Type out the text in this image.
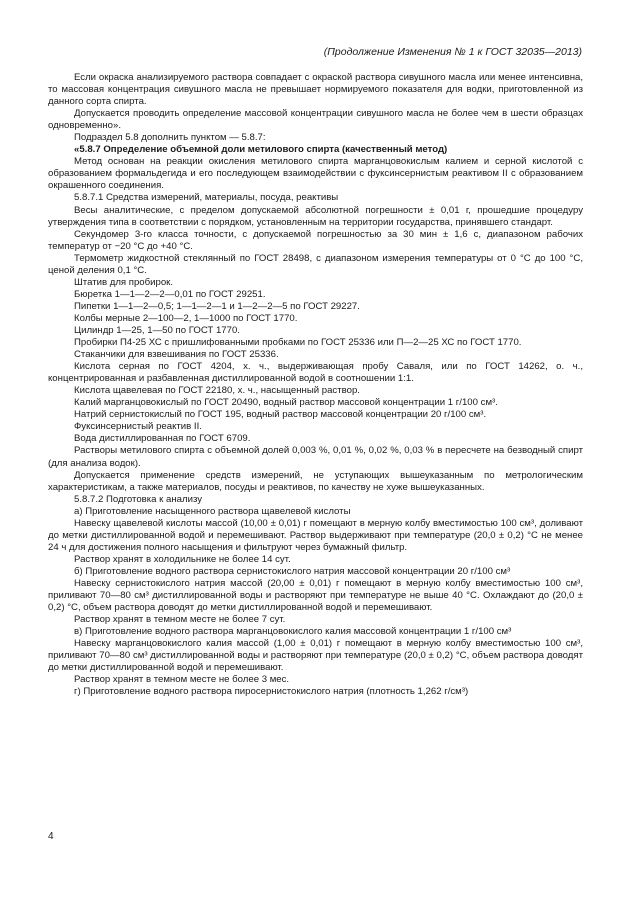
(Продолжение Изменения № 1 к ГОСТ 32035—2013)

Если окраска анализируемого раствора совпадает с окраской раствора сивушного масла или менее интенсивна, то массовая концентрация сивушного масла не превышает нормируемого показателя для водки, приготовленной из данного сорта спирта.

Допускается проводить определение массовой концентрации сивушного масла не более чем в шести образцах одновременно».

Подраздел 5.8 дополнить пунктом — 5.8.7:

«5.8.7 Определение объемной доли метилового спирта (качественный метод)

Метод основан на реакции окисления метилового спирта марганцовокислым калием и серной кислотой с образованием формальдегида и его последующем взаимодействии с фуксинсернистым реактивом II с образованием окрашенного соединения.

5.8.7.1 Средства измерений, материалы, посуда, реактивы

Весы аналитические, с пределом допускаемой абсолютной погрешности ± 0,01 г, прошедшие процедуру утверждения типа в соответствии с порядком, установленным на территории государства, принявшего стандарт.

Секундомер 3-го класса точности, с допускаемой погрешностью за 30 мин ± 1,6 с, диапазоном рабочих температур от −20 °С до +40 °С.

Термометр жидкостной стеклянный по ГОСТ 28498, с диапазоном измерения температуры от 0 °С до 100 °С, ценой деления 0,1 °С.

Штатив для пробирок.

Бюретка 1—1—2—2—0,01 по ГОСТ 29251.

Пипетки 1—1—2—0,5; 1—1—2—1 и 1—2—2—5 по ГОСТ 29227.

Колбы мерные 2—100—2, 1—1000 по ГОСТ 1770.

Цилиндр 1—25, 1—50 по ГОСТ 1770.

Пробирки П4-25 ХС с пришлифованными пробками по ГОСТ 25336 или П—2—25 ХС по ГОСТ 1770.

Стаканчики для взвешивания по ГОСТ 25336.

Кислота серная по ГОСТ 4204, х. ч., выдерживающая пробу Саваля, или по ГОСТ 14262, о. ч., концентрированная и разбавленная дистиллированной водой в соотношении 1:1.

Кислота щавелевая по ГОСТ 22180, х. ч., насыщенный раствор.

Калий марганцовокислый по ГОСТ 20490, водный раствор массовой концентрации 1 г/100 см³.

Натрий сернистокислый по ГОСТ 195, водный раствор массовой концентрации 20 г/100 см³.

Фуксинсернистый реактив II.

Вода дистиллированная по ГОСТ 6709.

Растворы метилового спирта с объемной долей 0,003 %, 0,01 %, 0,02 %, 0,03 % в пересчете на безводный спирт (для анализа водок).

Допускается применение средств измерений, не уступающих вышеуказанным по метрологическим характеристикам, а также материалов, посуды и реактивов, по качеству не хуже вышеуказанных.

5.8.7.2 Подготовка к анализу

а) Приготовление насыщенного раствора щавелевой кислоты

Навеску щавелевой кислоты массой (10,00 ± 0,01) г помещают в мерную колбу вместимостью 100 см³, доливают до метки дистиллированной водой и перемешивают. Раствор выдерживают при температуре (20,0 ± 0,2) °С не менее 24 ч для достижения полного насыщения и фильтруют через бумажный фильтр.

Раствор хранят в холодильнике не более 14 сут.

б) Приготовление водного раствора сернистокислого натрия массовой концентрации 20 г/100 см³

Навеску сернистокислого натрия массой (20,00 ± 0,01) г помещают в мерную колбу вместимостью 100 см³, приливают 70—80 см³ дистиллированной воды и растворяют при температуре не выше 40 °С. Охлаждают до (20,0 ± 0,2) °С, объем раствора доводят до метки дистиллированной водой и перемешивают.

Раствор хранят в темном месте не более 7 сут.

в) Приготовление водного раствора марганцовокислого калия массовой концентрации 1 г/100 см³

Навеску марганцовокислого калия массой (1,00 ± 0,01) г помещают в мерную колбу вместимостью 100 см³, приливают 70—80 см³ дистиллированной воды и растворяют при температуре (20,0 ± 0,2) °С, объем раствора доводят до метки дистиллированной водой и перемешивают.

Раствор хранят в темном месте не более 3 мес.

г) Приготовление водного раствора пиросернистокислого натрия (плотность 1,262 г/см³)

4
